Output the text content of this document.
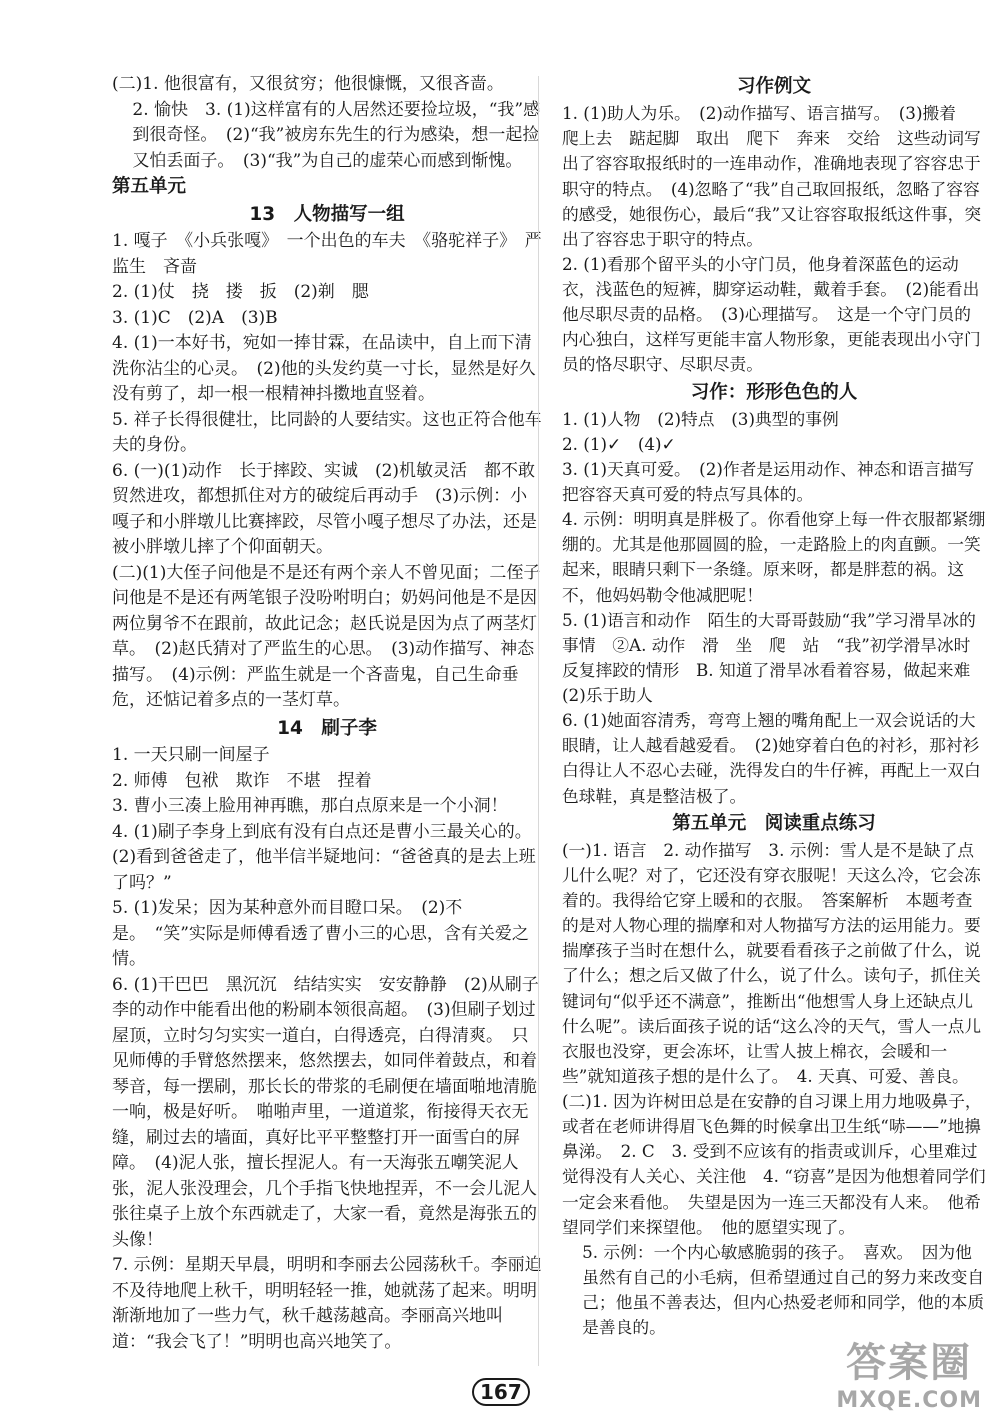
(二)1. 他很富有，又很贫穷；他很慷慨，又很吝啬。
2. 愉快　3. (1)这样富有的人居然还要捡垃圾，“我”感到很奇怪。　(2)“我”被房东先生的行为感染，想一起捡又怕丢面子。　(3)“我”为自己的虚荣心而感到惭愧。
第五单元
13　人物描写一组
1. 嘎子　《小兵张嘎》　一个出色的车夫　《骆驼祥子》　严监生　吝啬
2. (1)仗　挠　搂　扳　(2)剃　腮
3. (1)C　(2)A　(3)B
4. (1)一本好书，宛如一捧甘霖，在品读中，自上而下清洗你沾尘的心灵。　(2)他的头发约莫一寸长，显然是好久没有剪了，却一根一根精神抖擞地直竖着。
5. 祥子长得很健壮，比同龄的人要结实。这也正符合他车夫的身份。
6. (一)(1)动作　长于摔跤、实诚　(2)机敏灵活　都不敢贸然进攻，都想抓住对方的破绽后再动手　(3)示例：小嘎子和小胖墩儿比赛摔跤，尽管小嘎子想尽了办法，还是被小胖墩儿摔了个仰面朝天。
(二)(1)大侄子问他是不是还有两个亲人不曾见面；二侄子问他是不是还有两笔银子没吩咐明白；奶妈问他是不是因两位舅爷不在跟前，故此记念；赵氏说是因为点了两茎灯草。　(2)赵氏猜对了严监生的心思。　(3)动作描写、神态描写。　(4)示例：严监生就是一个吝啬鬼，自己生命垂危，还惦记着多点的一茎灯草。
14　刷子李
1. 一天只刷一间屋子
2. 师傅　包袱　欺诈　不堪　捏着
3. 曹小三凑上脸用神再瞧，那白点原来是一个小洞！
4. (1)刷子李身上到底有没有白点还是曹小三最关心的。　(2)看到爸爸走了，他半信半疑地问：“爸爸真的是去上班了吗？”
5. (1)发呆；因为某种意外而目瞪口呆。　(2)不是。　“笑”实际是师傅看透了曹小三的心思，含有关爱之情。
6. (1)干巴巴　黑沉沉　结结实实　安安静静　(2)从刷子李的动作中能看出他的粉刷本领很高超。　(3)但刷子划过屋顶，立时匀匀实实一道白，白得透亮，白得清爽。　只见师傅的手臂悠然摆来，悠然摆去，如同伴着鼓点，和着琴音，每一摆刷，那长长的带浆的毛刷便在墙面啪地清脆一响，极是好听。　啪啪声里，一道道浆，衔接得天衣无缝，刷过去的墙面，真好比平平整整打开一面雪白的屏障。　(4)泥人张，擅长捏泥人。有一天海张五嘲笑泥人张，泥人张没理会，几个手指飞快地捏弄，不一会儿泥人张往桌子上放个东西就走了，大家一看，竟然是海张五的头像！
7. 示例：星期天早晨，明明和李丽去公园荡秋千。李丽迫不及待地爬上秋千，明明轻轻一推，她就荡了起来。明明渐渐地加了一些力气，秋千越荡越高。李丽高兴地叫道：“我会飞了！”明明也高兴地笑了。
习作例文
1. (1)助人为乐。　(2)动作描写、语言描写。　(3)搬着　爬上去　踮起脚　取出　爬下　奔来　交给　这些动词写出了容容取报纸时的一连串动作，准确地表现了容容忠于职守的特点。　(4)忽略了“我”自己取回报纸，忽略了容容的感受，她很伤心，最后“我”又让容容取报纸这件事，突出了容容忠于职守的特点。
2. (1)看那个留平头的小守门员，他身着深蓝色的运动衣，浅蓝色的短裤，脚穿运动鞋，戴着手套。　(2)能看出他尽职尽责的品格。　(3)心理描写。　这是一个守门员的内心独白，这样写更能丰富人物形象，更能表现出小守门员的恪尽职守、尽职尽责。
习作：形形色色的人
1. (1)人物　(2)特点　(3)典型的事例
2. (1)✓　(4)✓
3. (1)天真可爱。　(2)作者是运用动作、神态和语言描写把容容天真可爱的特点写具体的。
4. 示例：明明真是胖极了。你看他穿上每一件衣服都紧绷绷的。尤其是他那圆圆的脸，一走路脸上的肉直颤。一笑起来，眼睛只剩下一条缝。原来呀，都是胖惹的祸。这不，他妈妈勒令他减肥呢！
5. (1)语言和动作　陌生的大哥哥鼓励“我”学习滑旱冰的事情　②A. 动作　滑　坐　爬　站　“我”初学滑旱冰时反复摔跤的情形　B. 知道了滑旱冰看着容易，做起来难　(2)乐于助人
6. (1)她面容清秀，弯弯上翘的嘴角配上一双会说话的大眼睛，让人越看越爱看。　(2)她穿着白色的衬衫，那衬衫白得让人不忍心去碰，洗得发白的牛仔裤，再配上一双白色球鞋，真是整洁极了。
第五单元　阅读重点练习
(一)1. 语言　2. 动作描写　3. 示例：雪人是不是缺了点儿什么呢？对了，它还没有穿衣服呢！天这么冷，它会冻着的。我得给它穿上暖和的衣服。　答案解析　本题考查的是对人物心理的揣摩和对人物描写方法的运用能力。要揣摩孩子当时在想什么，就要看看孩子之前做了什么，说了什么；想之后又做了什么，说了什么。读句子，抓住关键词句“似乎还不满意”，推断出“他想雪人身上还缺点儿什么呢”。读后面孩子说的话“这么冷的天气，雪人一点儿衣服也没穿，更会冻坏，让雪人披上棉衣，会暖和一些”就知道孩子想的是什么了。　4. 天真、可爱、善良。
(二)1. 因为许树田总是在安静的自习课上用力地吸鼻子，或者在老师讲得眉飞色舞的时候拿出卫生纸“哧——”地擤鼻涕。　2. C　3. 受到不应该有的指责或训斥，心里难过　觉得没有人关心、关注他　4. “窃喜”是因为他想着同学们一定会来看他。　失望是因为一连三天都没有人来。　他希望同学们来探望他。　他的愿望实现了。
5. 示例：一个内心敏感脆弱的孩子。　喜欢。　因为他虽然有自己的小毛病，但希望通过自己的努力来改变自己；他虽不善表达，但内心热爱老师和同学，他的本质是善良的。
167
答案圈
MXQE.COM
